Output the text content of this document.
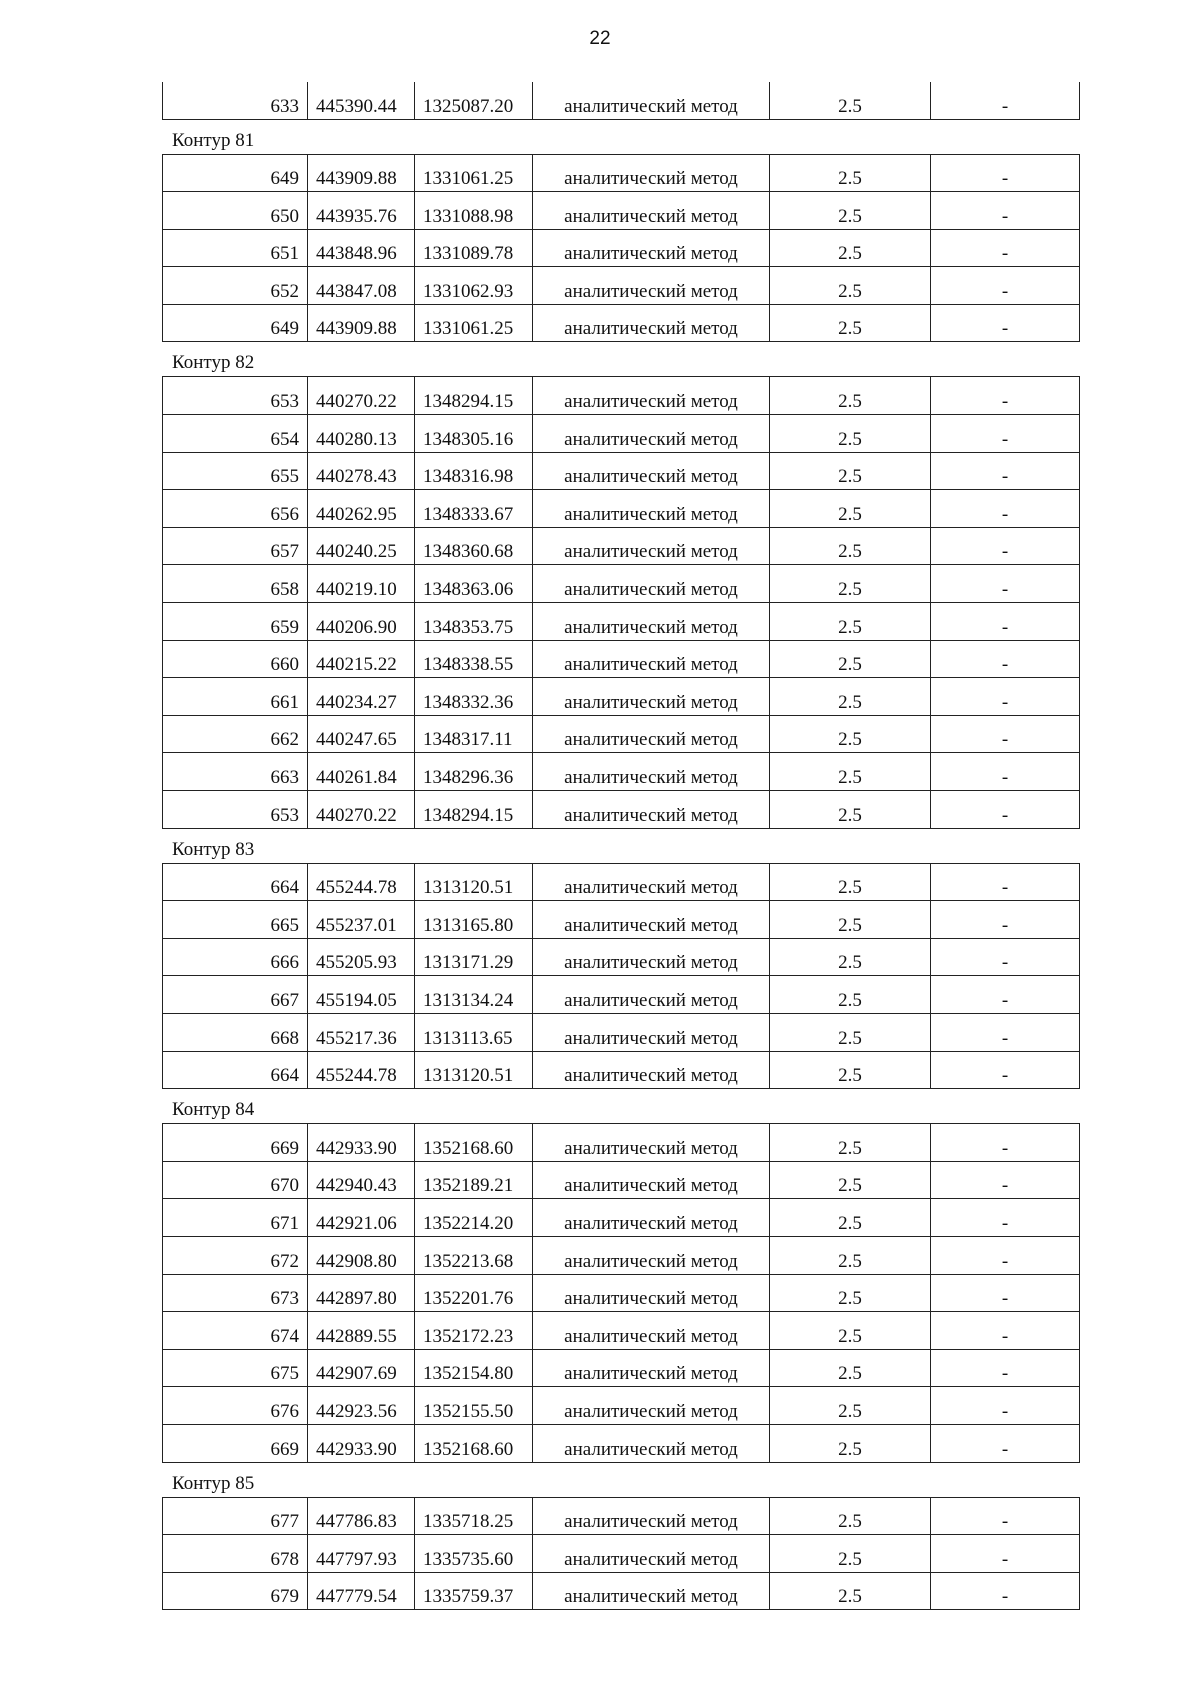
22
633	445390.44	1325087.20	аналитический метод	2.5	-
Контур 81
649	443909.88	1331061.25	аналитический метод	2.5	-
650	443935.76	1331088.98	аналитический метод	2.5	-
651	443848.96	1331089.78	аналитический метод	2.5	-
652	443847.08	1331062.93	аналитический метод	2.5	-
649	443909.88	1331061.25	аналитический метод	2.5	-
Контур 82
653	440270.22	1348294.15	аналитический метод	2.5	-
654	440280.13	1348305.16	аналитический метод	2.5	-
655	440278.43	1348316.98	аналитический метод	2.5	-
656	440262.95	1348333.67	аналитический метод	2.5	-
657	440240.25	1348360.68	аналитический метод	2.5	-
658	440219.10	1348363.06	аналитический метод	2.5	-
659	440206.90	1348353.75	аналитический метод	2.5	-
660	440215.22	1348338.55	аналитический метод	2.5	-
661	440234.27	1348332.36	аналитический метод	2.5	-
662	440247.65	1348317.11	аналитический метод	2.5	-
663	440261.84	1348296.36	аналитический метод	2.5	-
653	440270.22	1348294.15	аналитический метод	2.5	-
Контур 83
664	455244.78	1313120.51	аналитический метод	2.5	-
665	455237.01	1313165.80	аналитический метод	2.5	-
666	455205.93	1313171.29	аналитический метод	2.5	-
667	455194.05	1313134.24	аналитический метод	2.5	-
668	455217.36	1313113.65	аналитический метод	2.5	-
664	455244.78	1313120.51	аналитический метод	2.5	-
Контур 84
669	442933.90	1352168.60	аналитический метод	2.5	-
670	442940.43	1352189.21	аналитический метод	2.5	-
671	442921.06	1352214.20	аналитический метод	2.5	-
672	442908.80	1352213.68	аналитический метод	2.5	-
673	442897.80	1352201.76	аналитический метод	2.5	-
674	442889.55	1352172.23	аналитический метод	2.5	-
675	442907.69	1352154.80	аналитический метод	2.5	-
676	442923.56	1352155.50	аналитический метод	2.5	-
669	442933.90	1352168.60	аналитический метод	2.5	-
Контур 85
677	447786.83	1335718.25	аналитический метод	2.5	-
678	447797.93	1335735.60	аналитический метод	2.5	-
679	447779.54	1335759.37	аналитический метод	2.5	-
